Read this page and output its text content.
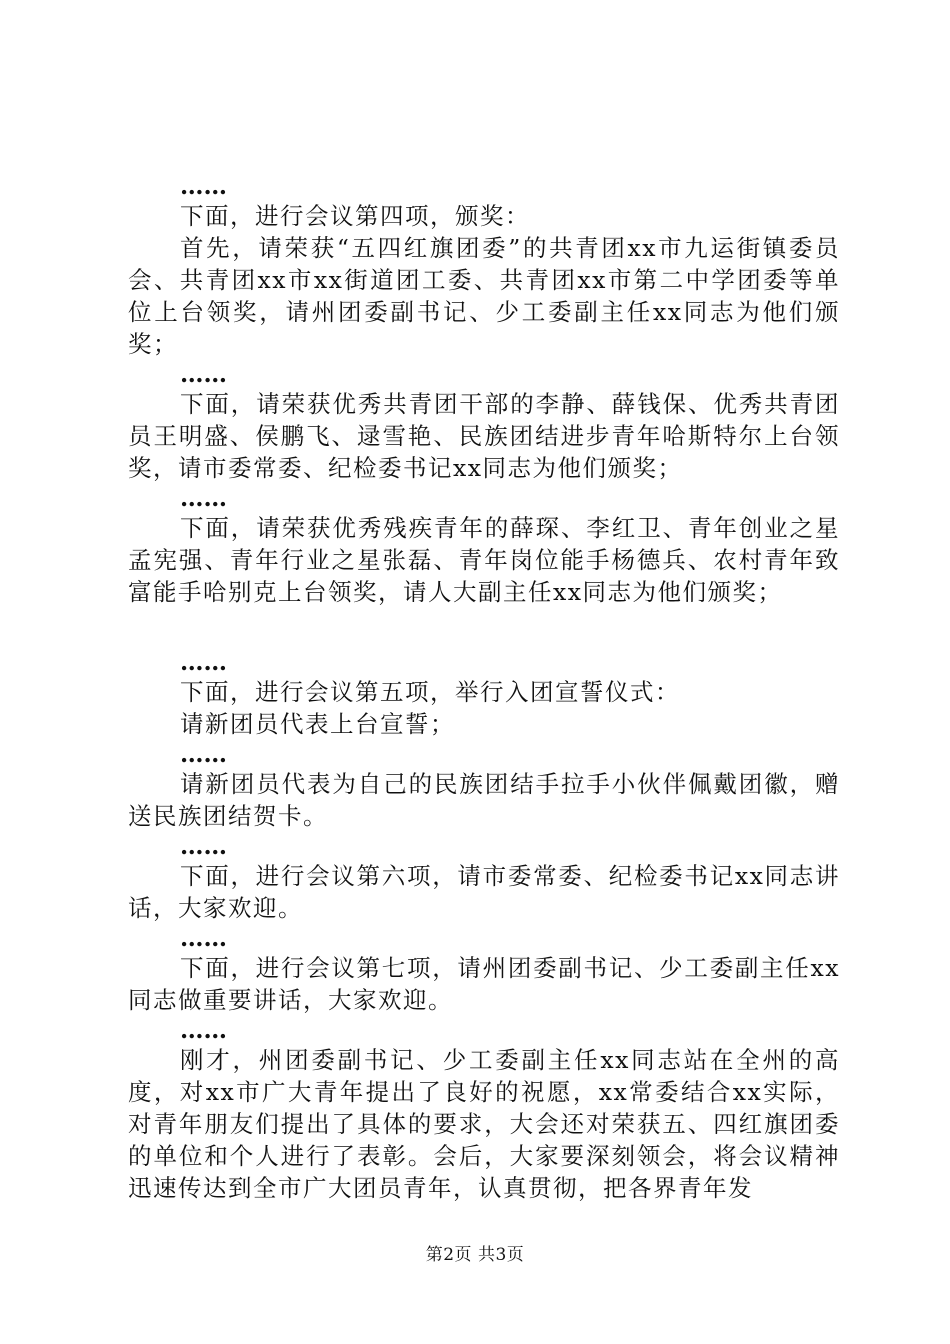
……

下面，进行会议第四项，颁奖：

首先，请荣获“五四红旗团委”的共青团xx市九运街镇委员会、共青团xx市xx街道团工委、共青团xx市第二中学团委等单位上台领奖，请州团委副书记、少工委副主任xx同志为他们颁奖；

……

下面，请荣获优秀共青团干部的李静、薛钱保、优秀共青团员王明盛、侯鹏飞、逯雪艳、民族团结进步青年哈斯特尔上台领奖，请市委常委、纪检委书记xx同志为他们颁奖；

……

下面，请荣获优秀残疾青年的薛琛、李红卫、青年创业之星孟宪强、青年行业之星张磊、青年岗位能手杨德兵、农村青年致富能手哈别克上台领奖，请人大副主任xx同志为他们颁奖；

……

下面，进行会议第五项，举行入团宣誓仪式：

请新团员代表上台宣誓；

……

请新团员代表为自己的民族团结手拉手小伙伴佩戴团徽，赠送民族团结贺卡。

……

下面，进行会议第六项，请市委常委、纪检委书记xx同志讲话，大家欢迎。

……

下面，进行会议第七项，请州团委副书记、少工委副主任xx同志做重要讲话，大家欢迎。

……

刚才，州团委副书记、少工委副主任xx同志站在全州的高度，对xx市广大青年提出了良好的祝愿，xx常委结合xx实际，对青年朋友们提出了具体的要求，大会还对荣获五、四红旗团委的单位和个人进行了表彰。会后，大家要深刻领会，将会议精神迅速传达到全市广大团员青年，认真贯彻，把各界青年发

第2页 共3页
